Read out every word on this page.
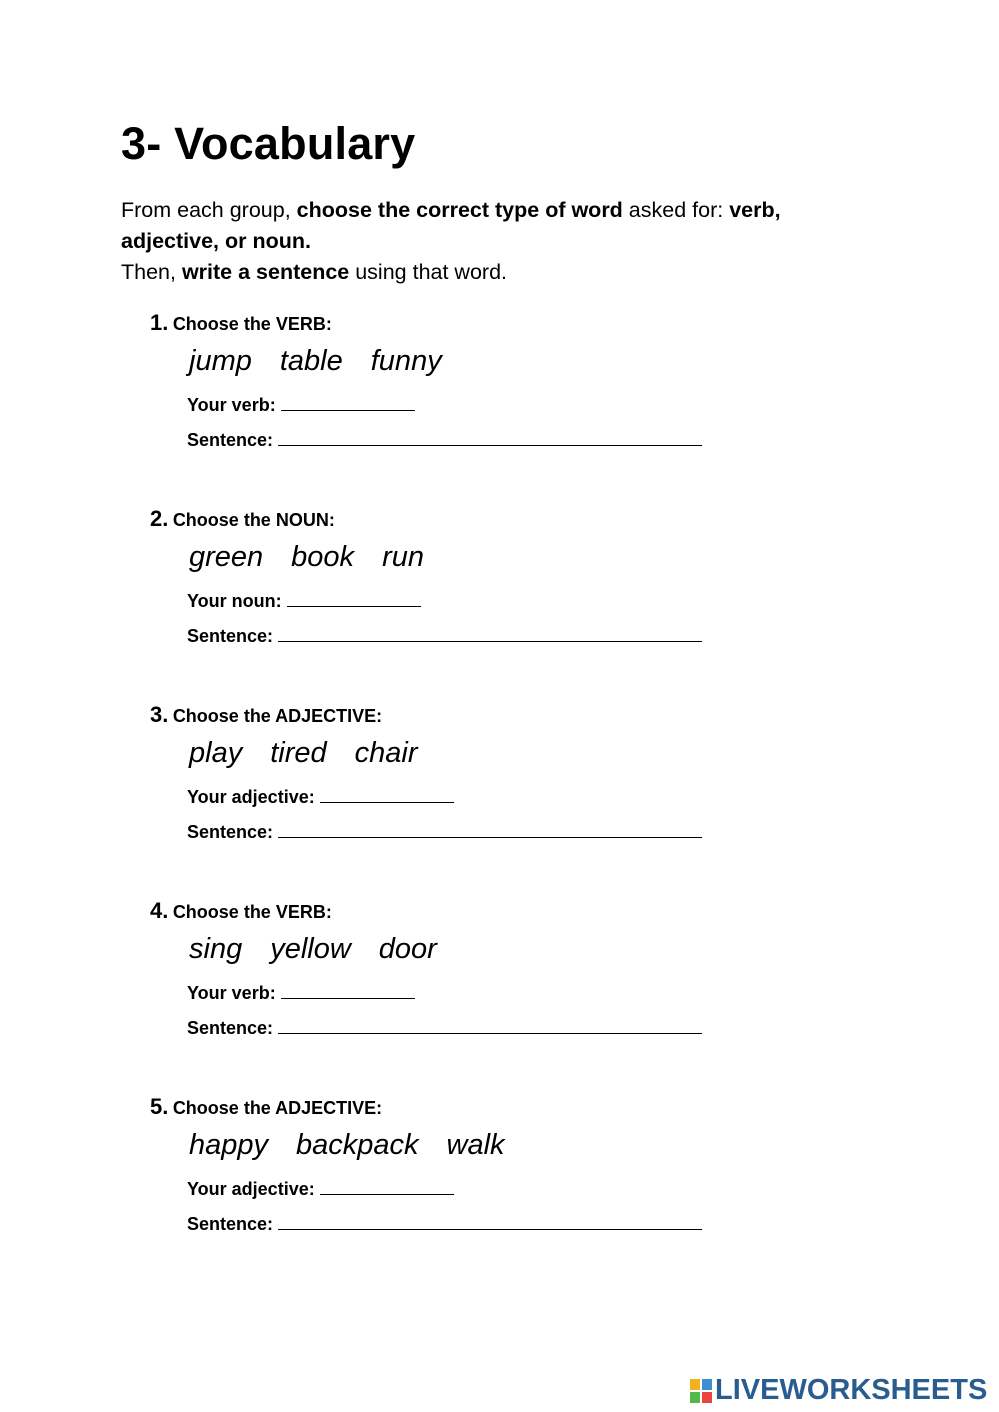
3- Vocabulary

From each group, choose the correct type of word asked for: verb, adjective, or noun.
Then, write a sentence using that word.

1. Choose the VERB:
jump table funny
Your verb:
Sentence:
2. Choose the NOUN:
green book run
Your noun:
Sentence:
3. Choose the ADJECTIVE:
play tired chair
Your adjective:
Sentence:
4. Choose the VERB:
sing yellow door
Your verb:
Sentence:
5. Choose the ADJECTIVE:
happy backpack walk
Your adjective:
Sentence:
LIVEWORKSHEETS
